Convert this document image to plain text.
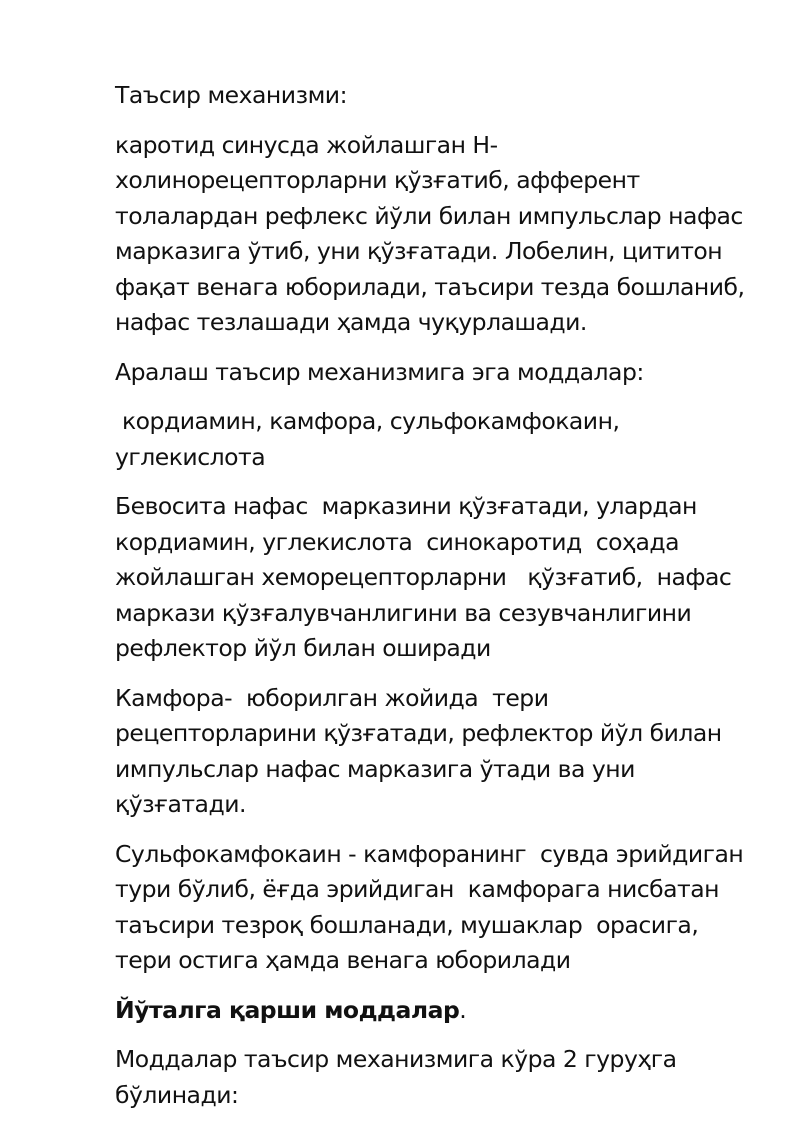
Таъсир механизми:

каротид синусда жойлашган Н-холинорецепторларни қўзғатиб, афферент толалардан рефлекс йўли билан импульслар нафас марказига ўтиб, уни қўзғатади. Лобелин, цититон фақат венага юборилади, таъсири тезда бошланиб, нафас тезлашади ҳамда чуқурлашади.

Аралаш таъсир механизмига эга моддалар:

кордиамин, камфора, сульфокамфокаин, углекислота

Бевосита нафас  марказини қўзғатади, улардан кордиамин, углекислота  синокаротид  соҳада жойлашган хеморецепторларни   қўзғатиб,  нафас маркази қўзғалувчанлигини ва сезувчанлигини рефлектор йўл билан оширади

Камфора-  юборилган жойида  тери рецепторларини қўзғатади, рефлектор йўл билан импульслар нафас марказига ўтади ва уни қўзғатади.

Сульфокамфокаин - камфоранинг  сувда эрийдиган тури бўлиб, ёғда эрийдиган  камфорага нисбатан таъсири тезроқ бошланади, мушаклар  орасига, тери остига ҳамда венага юборилади

Йўталга қарши моддалар.

Моддалар таъсир механизмига кўра 2 гуруҳга бўлинади:
